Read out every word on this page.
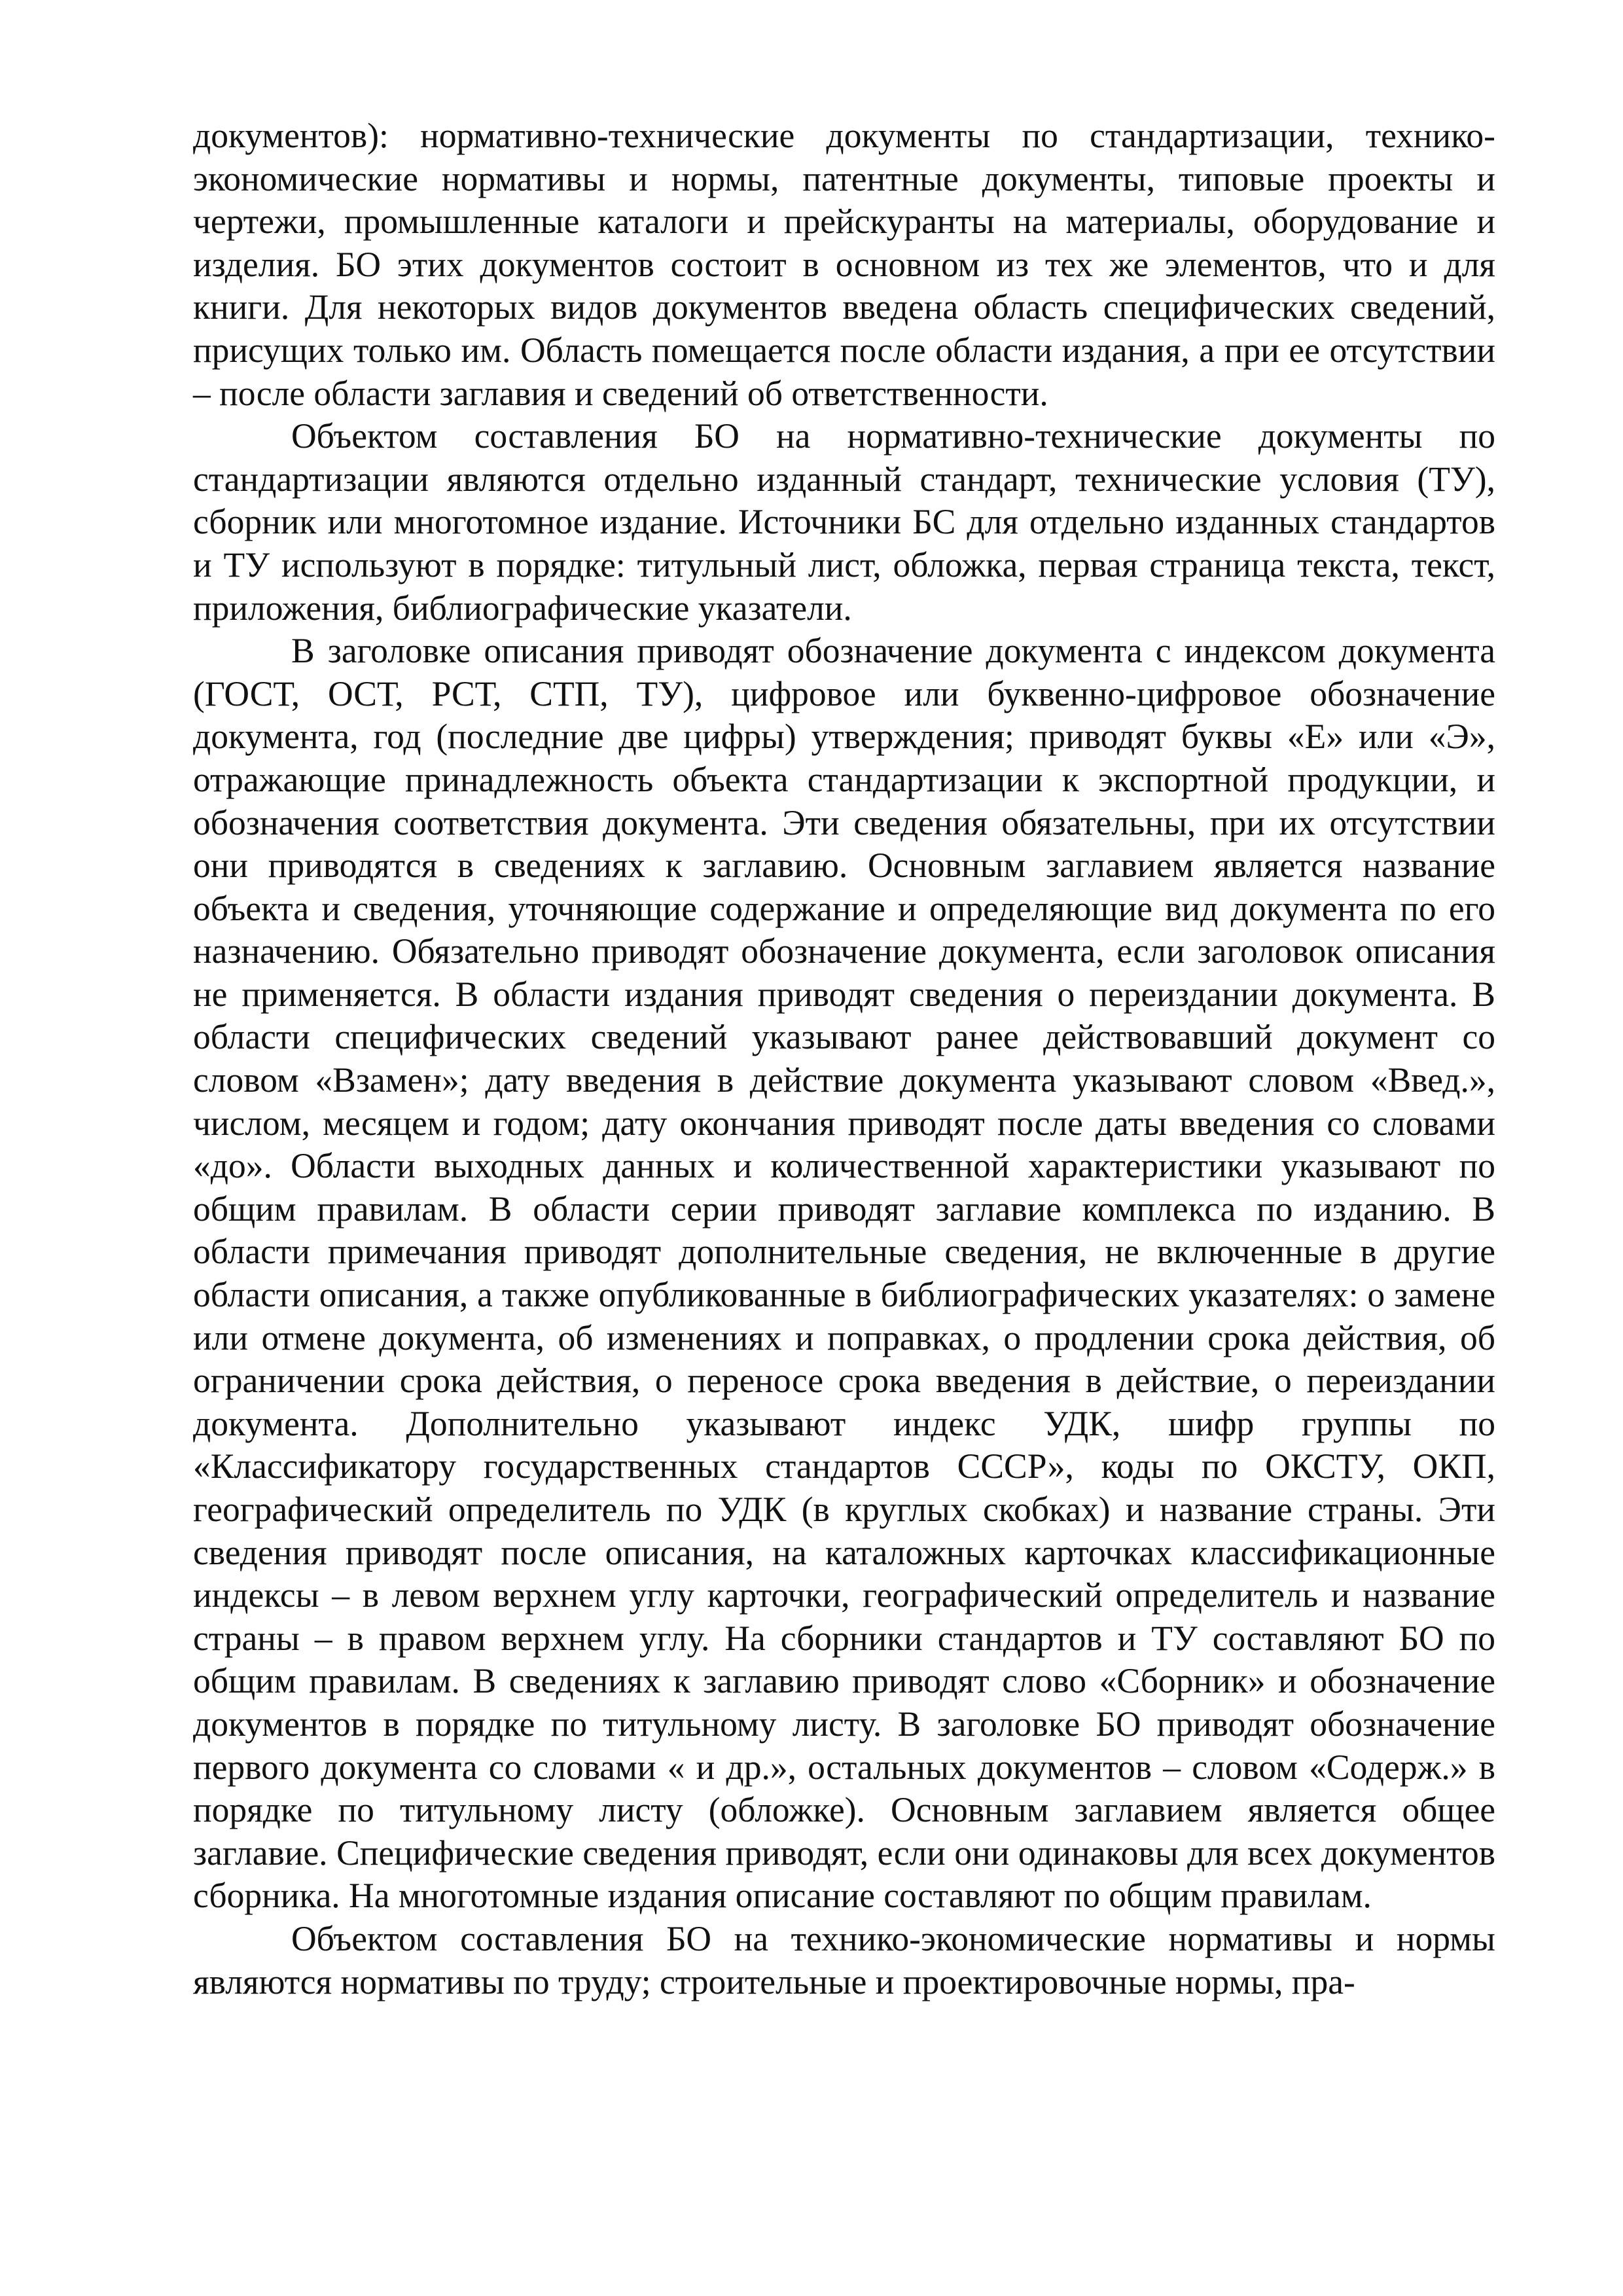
документов): нормативно-технические документы по стандартизации, технико-экономические нормативы и нормы, патентные документы, типовые проекты и чертежи, промышленные каталоги и прейскуранты на материалы, оборудование и изделия. БО этих документов состоит в основном из тех же элементов, что и для книги. Для некоторых видов документов введена область специфических сведений, присущих только им. Область помещается после области издания, а при ее отсутствии – после области заглавия и сведений об ответственности.

Объектом составления БО на нормативно-технические документы по стандартизации являются отдельно изданный стандарт, технические условия (ТУ), сборник или многотомное издание. Источники БС для отдельно изданных стандартов и ТУ используют в порядке: титульный лист, обложка, первая страница текста, текст, приложения, библиографические указатели.

В заголовке описания приводят обозначение документа с индексом документа (ГОСТ, ОСТ, РСТ, СТП, ТУ), цифровое или буквенно-цифровое обозначение документа, год (последние две цифры) утверждения; приводят буквы «Е» или «Э», отражающие принадлежность объекта стандартизации к экспортной продукции, и обозначения соответствия документа. Эти сведения обязательны, при их отсутствии они приводятся в сведениях к заглавию. Основным заглавием является название объекта и сведения, уточняющие содержание и определяющие вид документа по его назначению. Обязательно приводят обозначение документа, если заголовок описания не применяется. В области издания приводят сведения о переиздании документа. В области специфических сведений указывают ранее действовавший документ со словом «Взамен»; дату введения в действие документа указывают словом «Введ.», числом, месяцем и годом; дату окончания приводят после даты введения со словами «до». Области выходных данных и количественной характеристики указывают по общим правилам. В области серии приводят заглавие комплекса по изданию. В области примечания приводят дополнительные сведения, не включенные в другие области описания, а также опубликованные в библиографических указателях: о замене или отмене документа, об изменениях и поправках, о продлении срока действия, об ограничении срока действия, о переносе срока введения в действие, о переиздании документа. Дополнительно указывают индекс УДК, шифр группы по «Классификатору государственных стандартов СССР», коды по ОКСТУ, ОКП, географический определитель по УДК (в круглых скобках) и название страны. Эти сведения приводят после описания, на каталожных карточках классификационные индексы – в левом верхнем углу карточки, географический определитель и название страны – в правом верхнем углу. На сборники стандартов и ТУ составляют БО по общим правилам. В сведениях к заглавию приводят слово «Сборник» и обозначение документов в порядке по титульному листу. В заголовке БО приводят обозначение первого документа со словами « и др.», остальных документов – словом «Содерж.» в порядке по титульному листу (обложке). Основным заглавием является общее заглавие. Специфические сведения приводят, если они одинаковы для всех документов сборника. На многотомные издания описание составляют по общим правилам.

Объектом составления БО на технико-экономические нормативы и нормы являются нормативы по труду; строительные и проектировочные нормы, пра-
